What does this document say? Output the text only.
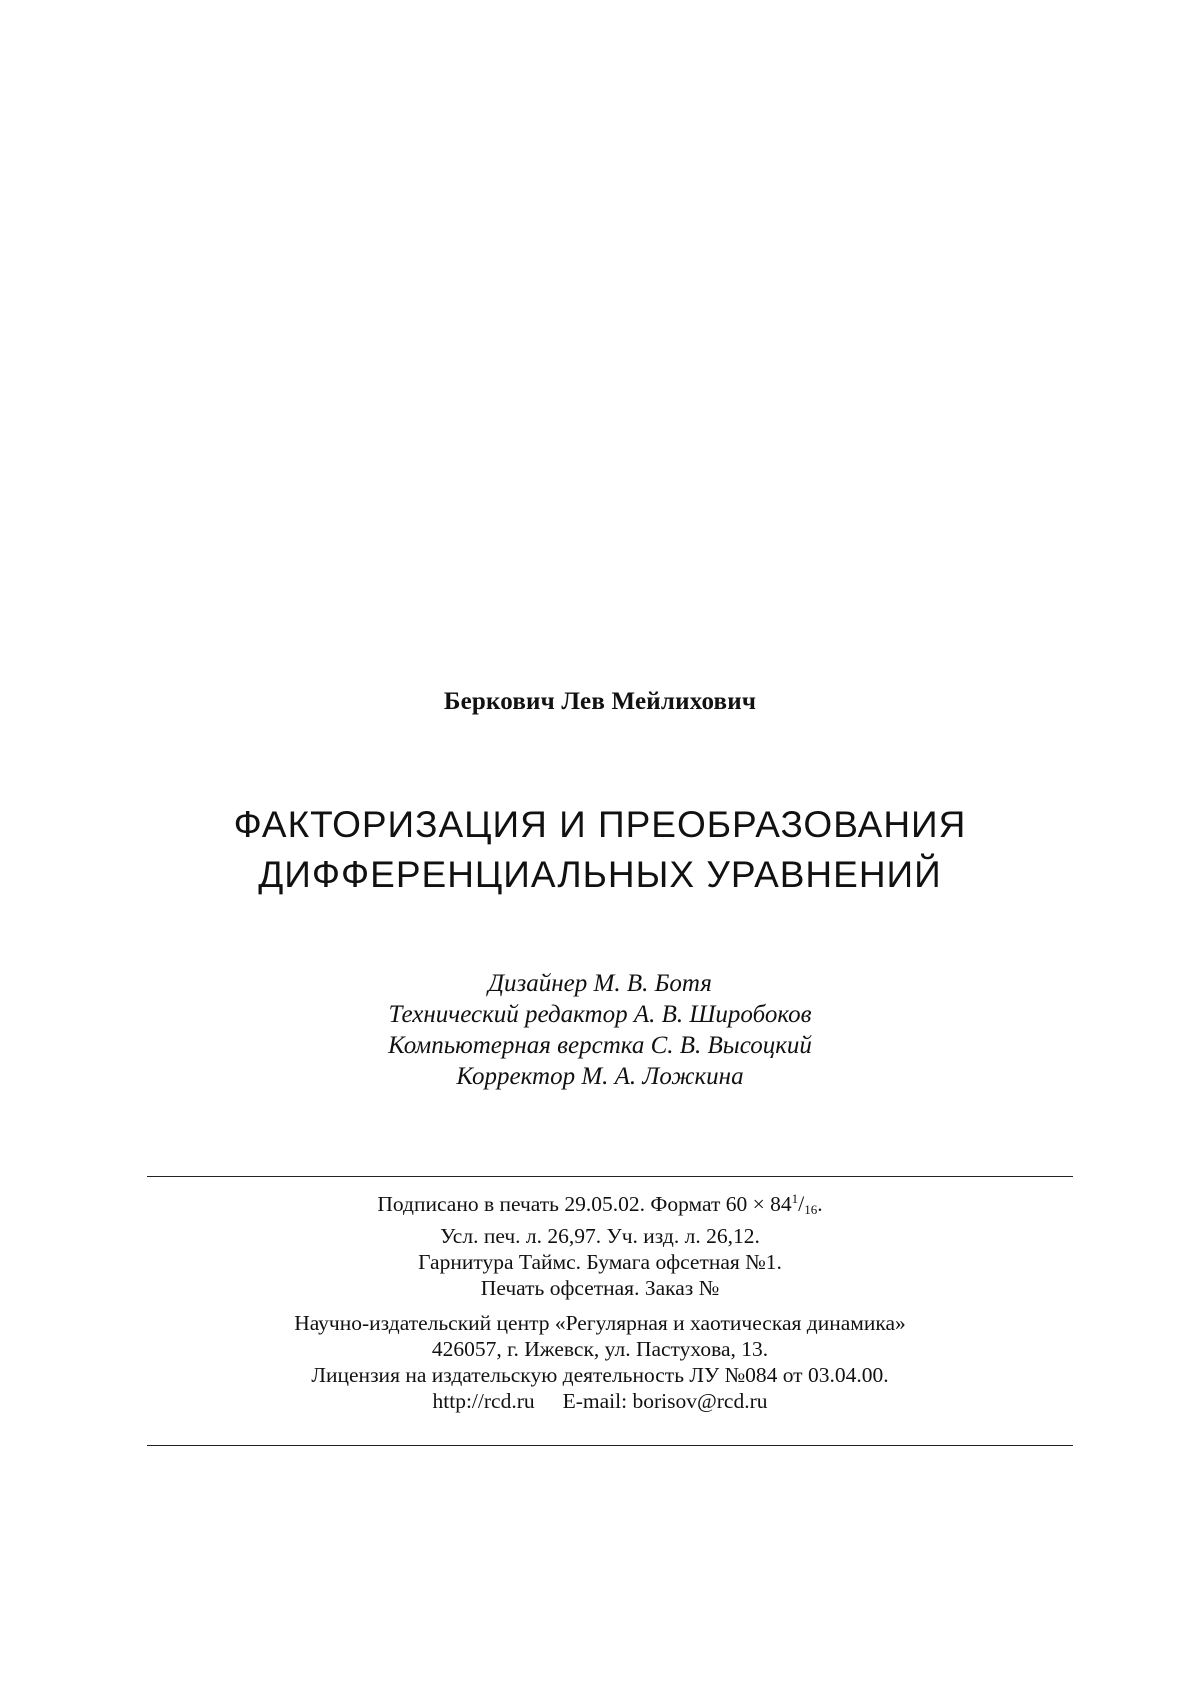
Беркович Лев Мейлихович
ФАКТОРИЗАЦИЯ И ПРЕОБРАЗОВАНИЯ
ДИФФЕРЕНЦИАЛЬНЫХ УРАВНЕНИЙ
Дизайнер М. В. Ботя
Технический редактор А. В. Широбоков
Компьютерная верстка С. В. Высоцкий
Корректор М. А. Ложкина
Подписано в печать 29.05.02. Формат $60 \times 84^1/16$.
Усл. печ. л. 26,97. Уч. изд. л. 26,12.
Гарнитура Таймс. Бумага офсетная №1.
Печать офсетная. Заказ №
Научно-издательский центр «Регулярная и хаотическая динамика»
426057, г. Ижевск, ул. Пастухова, 13.
Лицензия на издательскую деятельность ЛУ №084 от 03.04.00.
http://rcd.ru E-mail: borisov@rcd.ru
